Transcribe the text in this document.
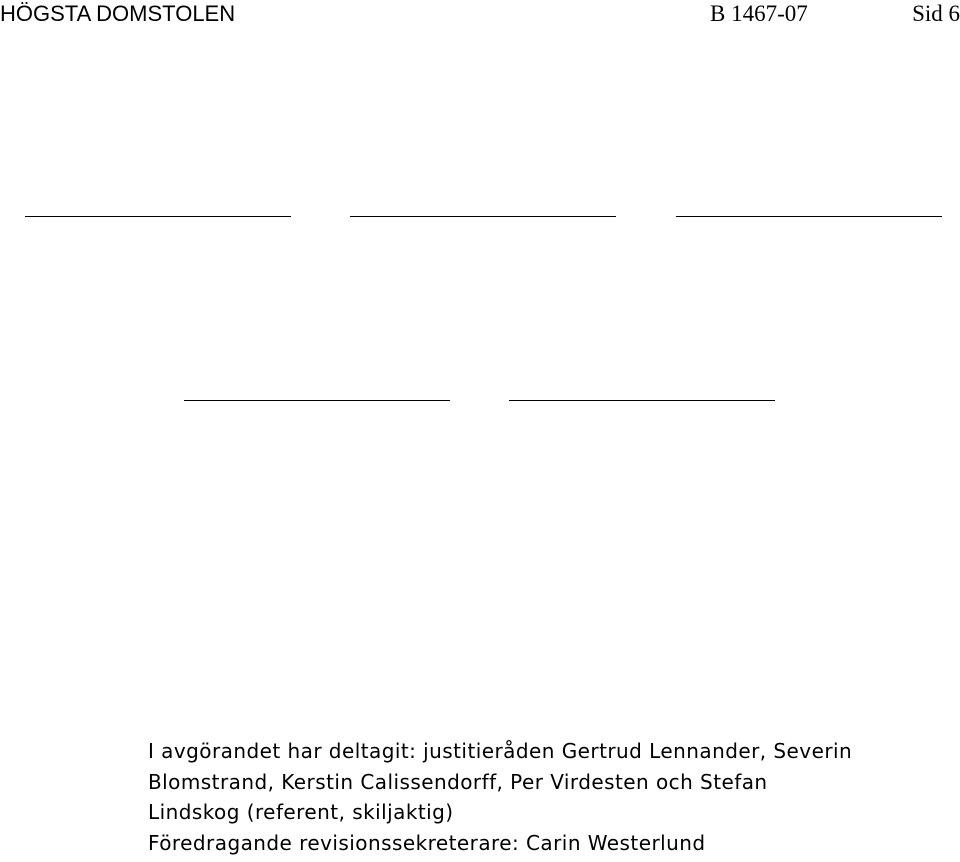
HÖGSTA DOMSTOLEN	B 1467-07	Sid 6
I avgörandet har deltagit: justitieråden Gertrud Lennander, Severin
Blomstrand, Kerstin Calissendorff, Per Virdesten och Stefan
Lindskog (referent, skiljaktig)
Föredragande revisionssekreterare: Carin Westerlund
